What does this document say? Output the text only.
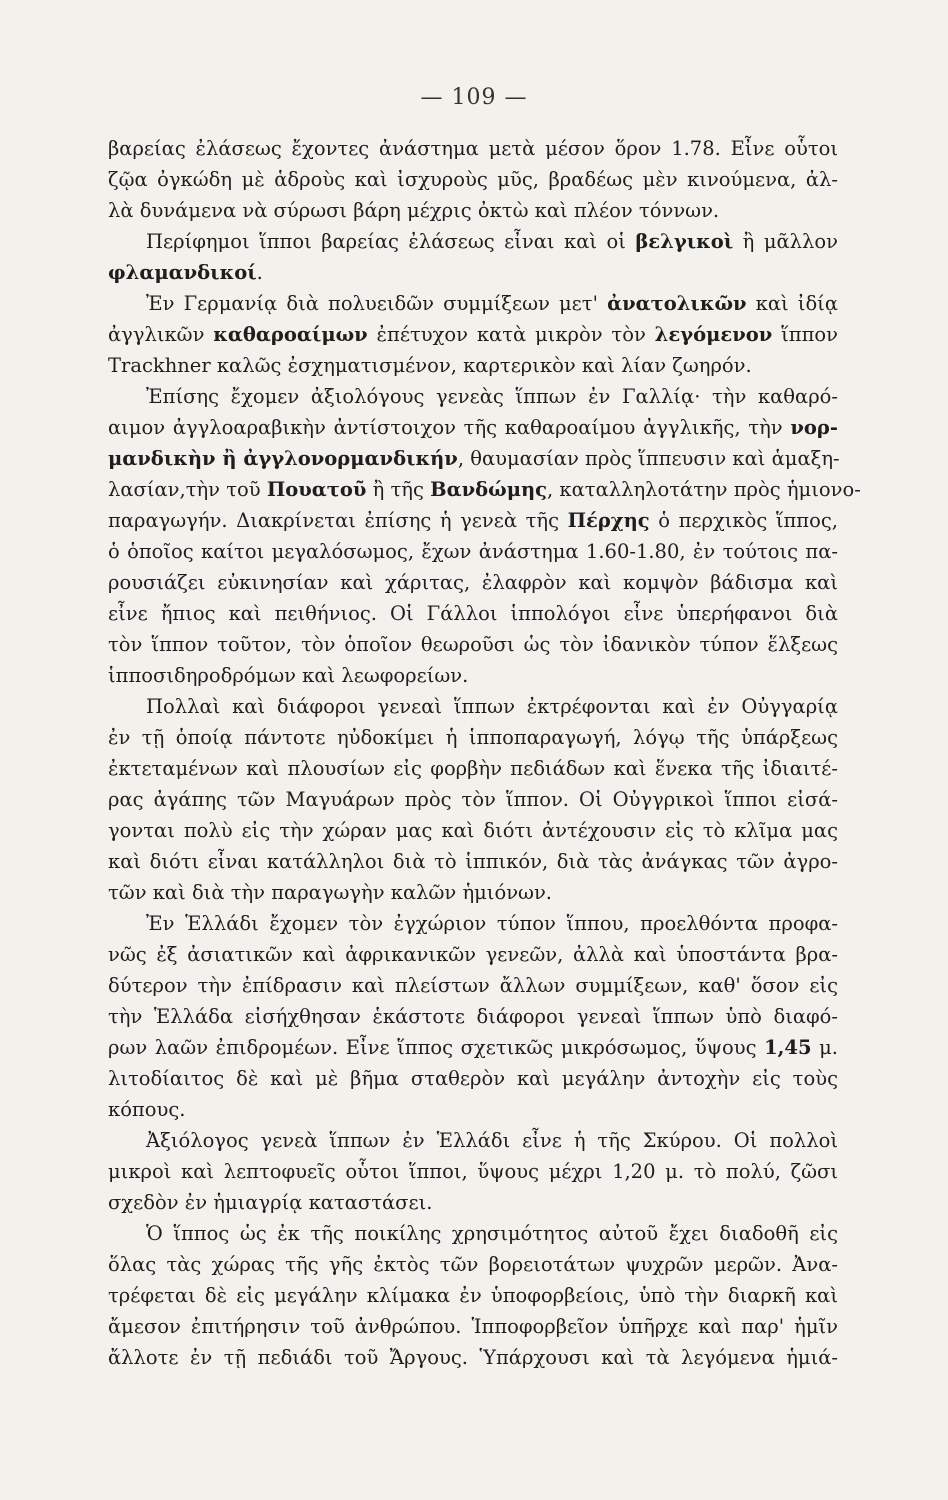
— 109 —
βαρείας ἐλάσεως ἔχοντες ἀνάστημα μετὰ μέσον ὅρον 1.78. Εἶνε οὗτοι
ζῷα ὀγκώδη μὲ ἁδροὺς καὶ ἰσχυροὺς μῦς, βραδέως μὲν κινούμενα, ἀλ-
λὰ δυνάμενα νὰ σύρωσι βάρη μέχρις ὀκτὼ καὶ πλέον τόννων.
Περίφημοι ἵπποι βαρείας ἐλάσεως εἶναι καὶ οἱ βελγικοὶ ἢ μᾶλλον
φλαμανδικοί.
Ἐν Γερμανίᾳ διὰ πολυειδῶν συμμίξεων μετ' ἀνατολικῶν καὶ ἰδίᾳ
ἀγγλικῶν καθαροαίμων ἐπέτυχον κατὰ μικρὸν τὸν λεγόμενον ἵππον
Trackhner καλῶς ἐσχηματισμένον, καρτερικὸν καὶ λίαν ζωηρόν.
Ἐπίσης ἔχομεν ἀξιολόγους γενεὰς ἵππων ἐν Γαλλίᾳ· τὴν καθαρό-
αιμον ἀγγλοαραβικὴν ἀντίστοιχον τῆς καθαροαίμου ἀγγλικῆς, τὴν νορ-
μανδικὴν ἢ ἀγγλονορμανδικήν, θαυμασίαν πρὸς ἵππευσιν καὶ ἁμαξη-
λασίαν,τὴν τοῦ Πουατοῦ ἢ τῆς Βανδώμης, καταλληλοτάτην πρὸς ἡμιονο-
παραγωγήν. Διακρίνεται ἐπίσης ἡ γενεὰ τῆς Πέρχης ὁ περχικὸς ἵππος,
ὁ ὁποῖος καίτοι μεγαλόσωμος, ἔχων ἀνάστημα 1.60-1.80, ἐν τούτοις πα-
ρουσιάζει εὐκινησίαν καὶ χάριτας, ἐλαφρὸν καὶ κομψὸν βάδισμα καὶ
εἶνε ἤπιος καὶ πειθήνιος. Οἱ Γάλλοι ἱππολόγοι εἶνε ὑπερήφανοι διὰ
τὸν ἵππον τοῦτον, τὸν ὁποῖον θεωροῦσι ὡς τὸν ἰδανικὸν τύπον ἕλξεως
ἱπποσιδηροδρόμων καὶ λεωφορείων.
Πολλαὶ καὶ διάφοροι γενεαὶ ἵππων ἐκτρέφονται καὶ ἐν Οὐγγαρίᾳ
ἐν τῇ ὁποίᾳ πάντοτε ηὐδοκίμει ἡ ἱπποπαραγωγή, λόγῳ τῆς ὑπάρξεως
ἐκτεταμένων καὶ πλουσίων εἰς φορβὴν πεδιάδων καὶ ἕνεκα τῆς ἰδιαιτέ-
ρας ἀγάπης τῶν Μαγυάρων πρὸς τὸν ἵππον. Οἱ Οὐγγρικοὶ ἵπποι εἰσά-
γονται πολὺ εἰς τὴν χώραν μας καὶ διότι ἀντέχουσιν εἰς τὸ κλῖμα μας
καὶ διότι εἶναι κατάλληλοι διὰ τὸ ἱππικόν, διὰ τὰς ἀνάγκας τῶν ἀγρο-
τῶν καὶ διὰ τὴν παραγωγὴν καλῶν ἡμιόνων.
Ἐν Ἑλλάδι ἔχομεν τὸν ἐγχώριον τύπον ἵππου, προελθόντα προφα-
νῶς ἐξ ἀσιατικῶν καὶ ἀφρικανικῶν γενεῶν, ἀλλὰ καὶ ὑποστάντα βρα-
δύτερον τὴν ἐπίδρασιν καὶ πλείστων ἄλλων συμμίξεων, καθ' ὅσον εἰς
τὴν Ἑλλάδα εἰσήχθησαν ἑκάστοτε διάφοροι γενεαὶ ἵππων ὑπὸ διαφό-
ρων λαῶν ἐπιδρομέων. Εἶνε ἵππος σχετικῶς μικρόσωμος, ὕψους 1,45 μ.
λιτοδίαιτος δὲ καὶ μὲ βῆμα σταθερὸν καὶ μεγάλην ἀντοχὴν εἰς τοὺς
κόπους.
Ἀξιόλογος γενεὰ ἵππων ἐν Ἑλλάδι εἶνε ἡ τῆς Σκύρου. Οἱ πολλοὶ
μικροὶ καὶ λεπτοφυεῖς οὗτοι ἵπποι, ὕψους μέχρι 1,20 μ. τὸ πολύ, ζῶσι
σχεδὸν ἐν ἡμιαγρίᾳ καταστάσει.
Ὁ ἵππος ὡς ἐκ τῆς ποικίλης χρησιμότητος αὐτοῦ ἔχει διαδοθῆ εἰς
ὅλας τὰς χώρας τῆς γῆς ἐκτὸς τῶν βορειοτάτων ψυχρῶν μερῶν. Ἀνα-
τρέφεται δὲ εἰς μεγάλην κλίμακα ἐν ὑποφορβείοις, ὑπὸ τὴν διαρκῆ καὶ
ἄμεσον ἐπιτήρησιν τοῦ ἀνθρώπου. Ἱπποφορβεῖον ὑπῆρχε καὶ παρ' ἡμῖν
ἄλλοτε ἐν τῇ πεδιάδι τοῦ Ἄργους. Ὑπάρχουσι καὶ τὰ λεγόμενα ἡμιά-
